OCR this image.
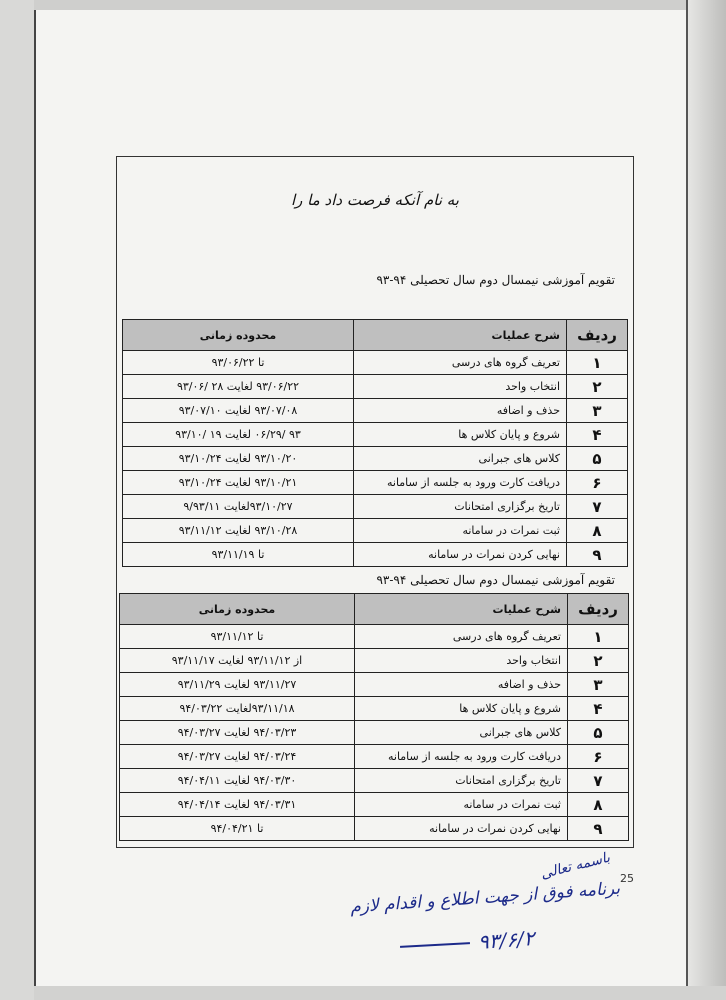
به نام آنکه فرصت داد ما را
تقویم آموزشی نیمسال دوم سال تحصیلی ۹۴-۹۳
ردیف	شرح عملیات	محدوده زمانی
۱	تعریف گروه های درسی	تا ۹۳/۰۶/۲۲
۲	انتخاب واحد	۹۳/۰۶/۲۲ لغایت ۲۸ /۹۳/۰۶
۳	حذف و اضافه	۹۳/۰۷/۰۸ لغایت ۹۳/۰۷/۱۰
۴	شروع و پایان کلاس ها	۹۳ /۰۶/۲۹ لغایت ۱۹ /۹۳/۱۰
۵	کلاس های جبرانی	۹۳/۱۰/۲۰ لغایت ۹۳/۱۰/۲۴
۶	دریافت کارت ورود به جلسه از سامانه	۹۳/۱۰/۲۱ لغایت ۹۳/۱۰/۲۴
۷	تاریخ برگزاری امتحانات	۹۳/۱۰/۲۷لغایت ۹/۹۳/۱۱
۸	ثبت نمرات در سامانه	۹۳/۱۰/۲۸ لغایت ۹۳/۱۱/۱۲
۹	نهایی کردن نمرات در سامانه	تا ۹۳/۱۱/۱۹
تقویم آموزشی نیمسال دوم سال تحصیلی ۹۴-۹۳
ردیف	شرح عملیات	محدوده زمانی
۱	تعریف گروه های درسی	تا ۹۳/۱۱/۱۲
۲	انتخاب واحد	از ۹۳/۱۱/۱۲ لغایت ۹۳/۱۱/۱۷
۳	حذف و اضافه	۹۳/۱۱/۲۷ لغایت ۹۳/۱۱/۲۹
۴	شروع و پایان کلاس ها	۹۳/۱۱/۱۸لغایت ۹۴/۰۳/۲۲
۵	کلاس های جبرانی	۹۴/۰۳/۲۳ لغایت ۹۴/۰۳/۲۷
۶	دریافت کارت ورود به جلسه از سامانه	۹۴/۰۳/۲۴ لغایت ۹۴/۰۳/۲۷
۷	تاریخ برگزاری امتحانات	۹۴/۰۳/۳۰ لغایت ۹۴/۰۴/۱۱
۸	ثبت نمرات در سامانه	۹۴/۰۳/۳۱ لغایت ۹۴/۰۴/۱۴
۹	نهایی کردن نمرات در سامانه	تا ۹۴/۰۴/۲۱
25
باسمه تعالی
برنامه فوق از جهت اطلاع و اقدام لازم
۹۳/۶/۲
